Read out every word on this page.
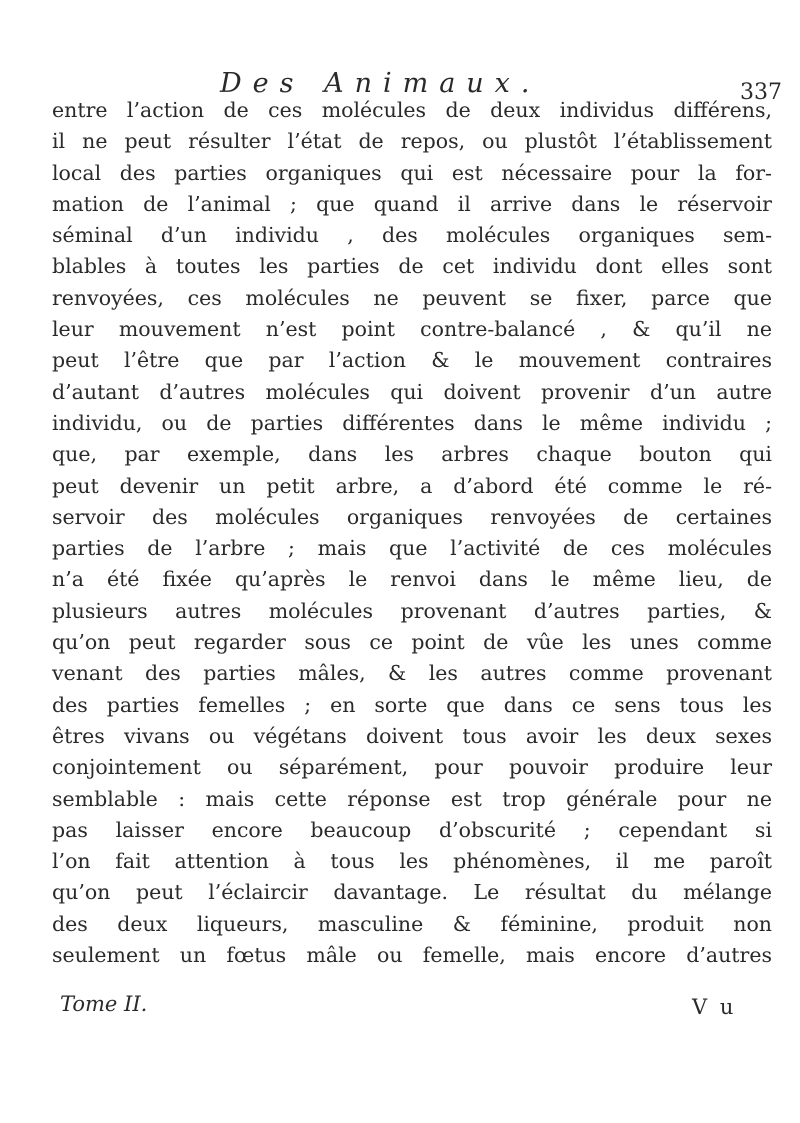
Des Animaux.	337
entre l’action de ces molécules de deux individus différens,
il ne peut résulter l’état de repos, ou plustôt l’établissement
local des parties organiques qui est nécessaire pour la for-
mation de l’animal ; que quand il arrive dans le réservoir
séminal d’un individu , des molécules organiques sem-
blables à toutes les parties de cet individu dont elles sont
renvoyées, ces molécules ne peuvent se fixer, parce que
leur mouvement n’est point contre-balancé , & qu’il ne
peut l’être que par l’action & le mouvement contraires
d’autant d’autres molécules qui doivent provenir d’un autre
individu, ou de parties différentes dans le même individu ;
que, par exemple, dans les arbres chaque bouton qui
peut devenir un petit arbre, a d’abord été comme le ré-
servoir des molécules organiques renvoyées de certaines
parties de l’arbre ; mais que l’activité de ces molécules
n’a été fixée qu’après le renvoi dans le même lieu, de
plusieurs autres molécules provenant d’autres parties, &
qu’on peut regarder sous ce point de vûe les unes comme
venant des parties mâles, & les autres comme provenant
des parties femelles ; en sorte que dans ce sens tous les
êtres vivans ou végétans doivent tous avoir les deux sexes
conjointement ou séparément, pour pouvoir produire leur
semblable : mais cette réponse est trop générale pour ne
pas laisser encore beaucoup d’obscurité ; cependant si
l’on fait attention à tous les phénomènes, il me paroît
qu’on peut l’éclaircir davantage. Le résultat du mélange
des deux liqueurs, masculine & féminine, produit non
seulement un fœtus mâle ou femelle, mais encore d’autres
Tome II.	V u
